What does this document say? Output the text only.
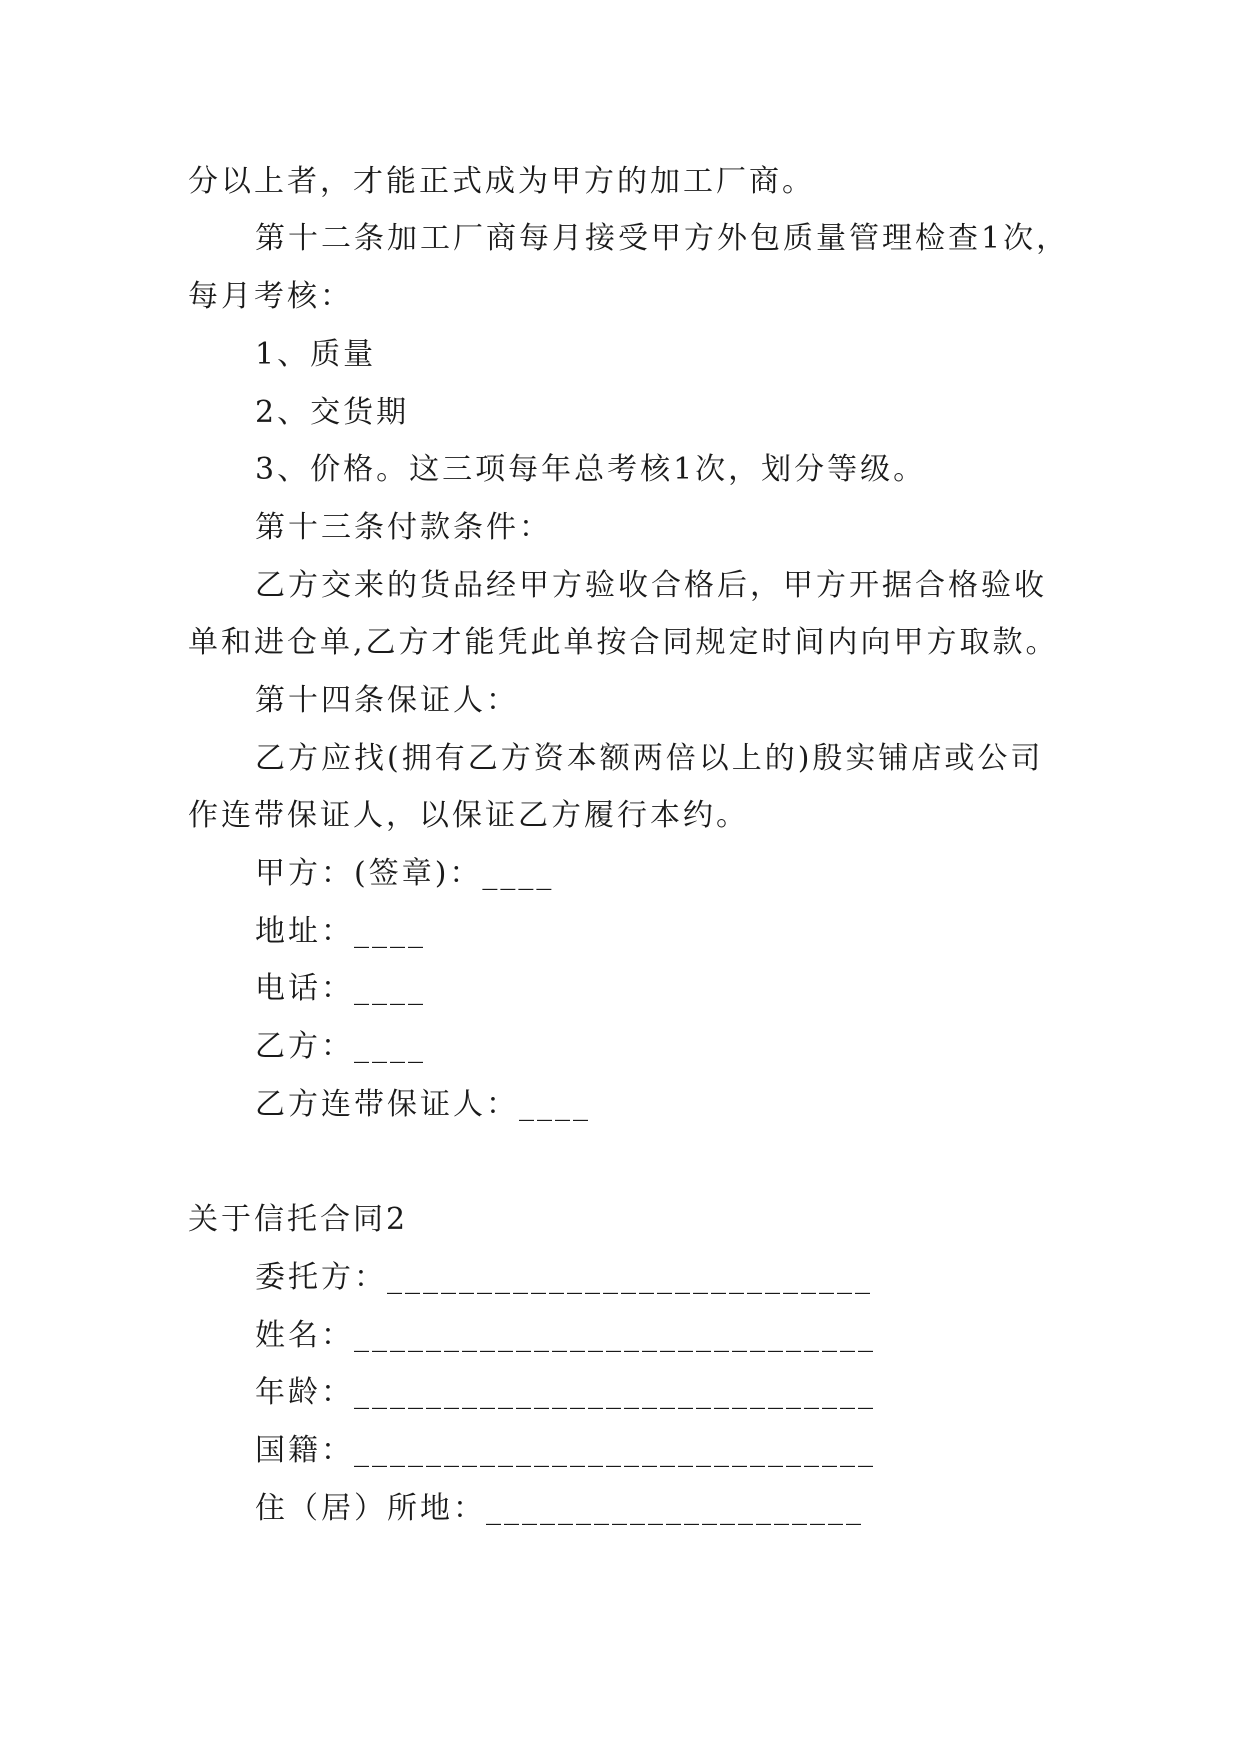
分以上者，才能正式成为甲方的加工厂商。
第十二条加工厂商每月接受甲方外包质量管理检查1次，
每月考核：
1、质量
2、交货期
3、价格。这三项每年总考核1次，划分等级。
第十三条付款条件：
乙方交来的货品经甲方验收合格后，甲方开据合格验收
单和进仓单,乙方才能凭此单按合同规定时间内向甲方取款。
第十四条保证人：
乙方应找(拥有乙方资本额两倍以上的)殷实铺店或公司
作连带保证人，以保证乙方履行本约。
甲方：(签章)：____
地址：____
电话：____
乙方：____
乙方连带保证人：____
关于信托合同2
委托方：___________________________
姓名：_____________________________
年龄：_____________________________
国籍：_____________________________
住（居）所地：_____________________
